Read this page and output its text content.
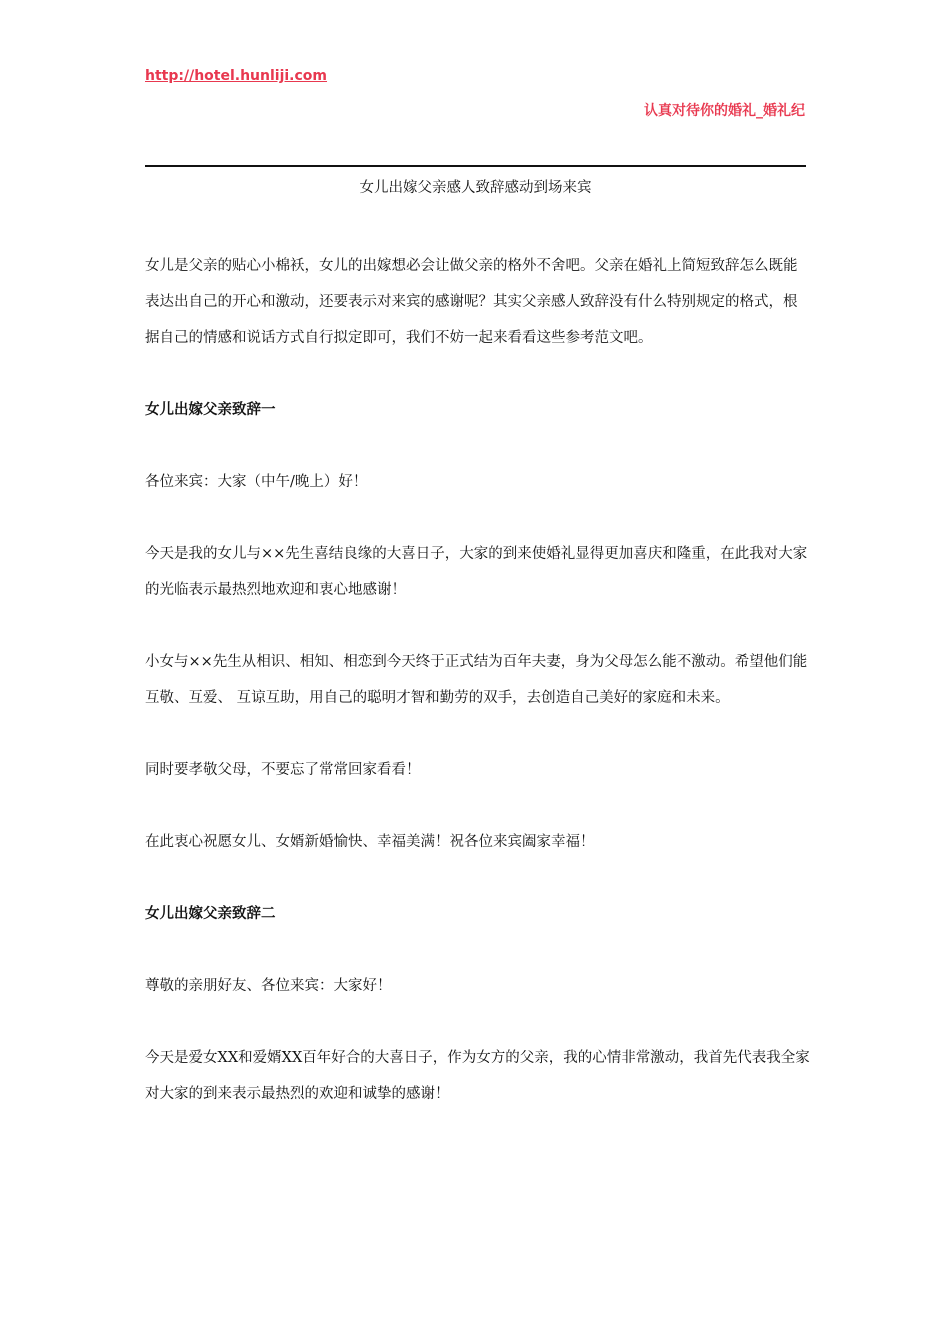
http://hotel.hunliji.com
认真对待你的婚礼_婚礼纪
女儿出嫁父亲感人致辞感动到场来宾

女儿是父亲的贴心小棉袄，女儿的出嫁想必会让做父亲的格外不舍吧。父亲在婚礼上简短致辞怎么既能表达出自己的开心和激动，还要表示对来宾的感谢呢？其实父亲感人致辞没有什么特别规定的格式，根据自己的情感和说话方式自行拟定即可，我们不妨一起来看看这些参考范文吧。

女儿出嫁父亲致辞一

各位来宾：大家（中午/晚上）好！

今天是我的女儿与××先生喜结良缘的大喜日子，大家的到来使婚礼显得更加喜庆和隆重，在此我对大家的光临表示最热烈地欢迎和衷心地感谢！

小女与××先生从相识、相知、相恋到今天终于正式结为百年夫妻，身为父母怎么能不激动。希望他们能互敬、互爱、 互谅互助，用自己的聪明才智和勤劳的双手，去创造自己美好的家庭和未来。

同时要孝敬父母，不要忘了常常回家看看！

在此衷心祝愿女儿、女婿新婚愉快、幸福美满！祝各位来宾阖家幸福！

女儿出嫁父亲致辞二

尊敬的亲朋好友、各位来宾：大家好！

今天是爱女XX和爱婿XX百年好合的大喜日子，作为女方的父亲，我的心情非常激动，我首先代表我全家对大家的到来表示最热烈的欢迎和诚挚的感谢！
